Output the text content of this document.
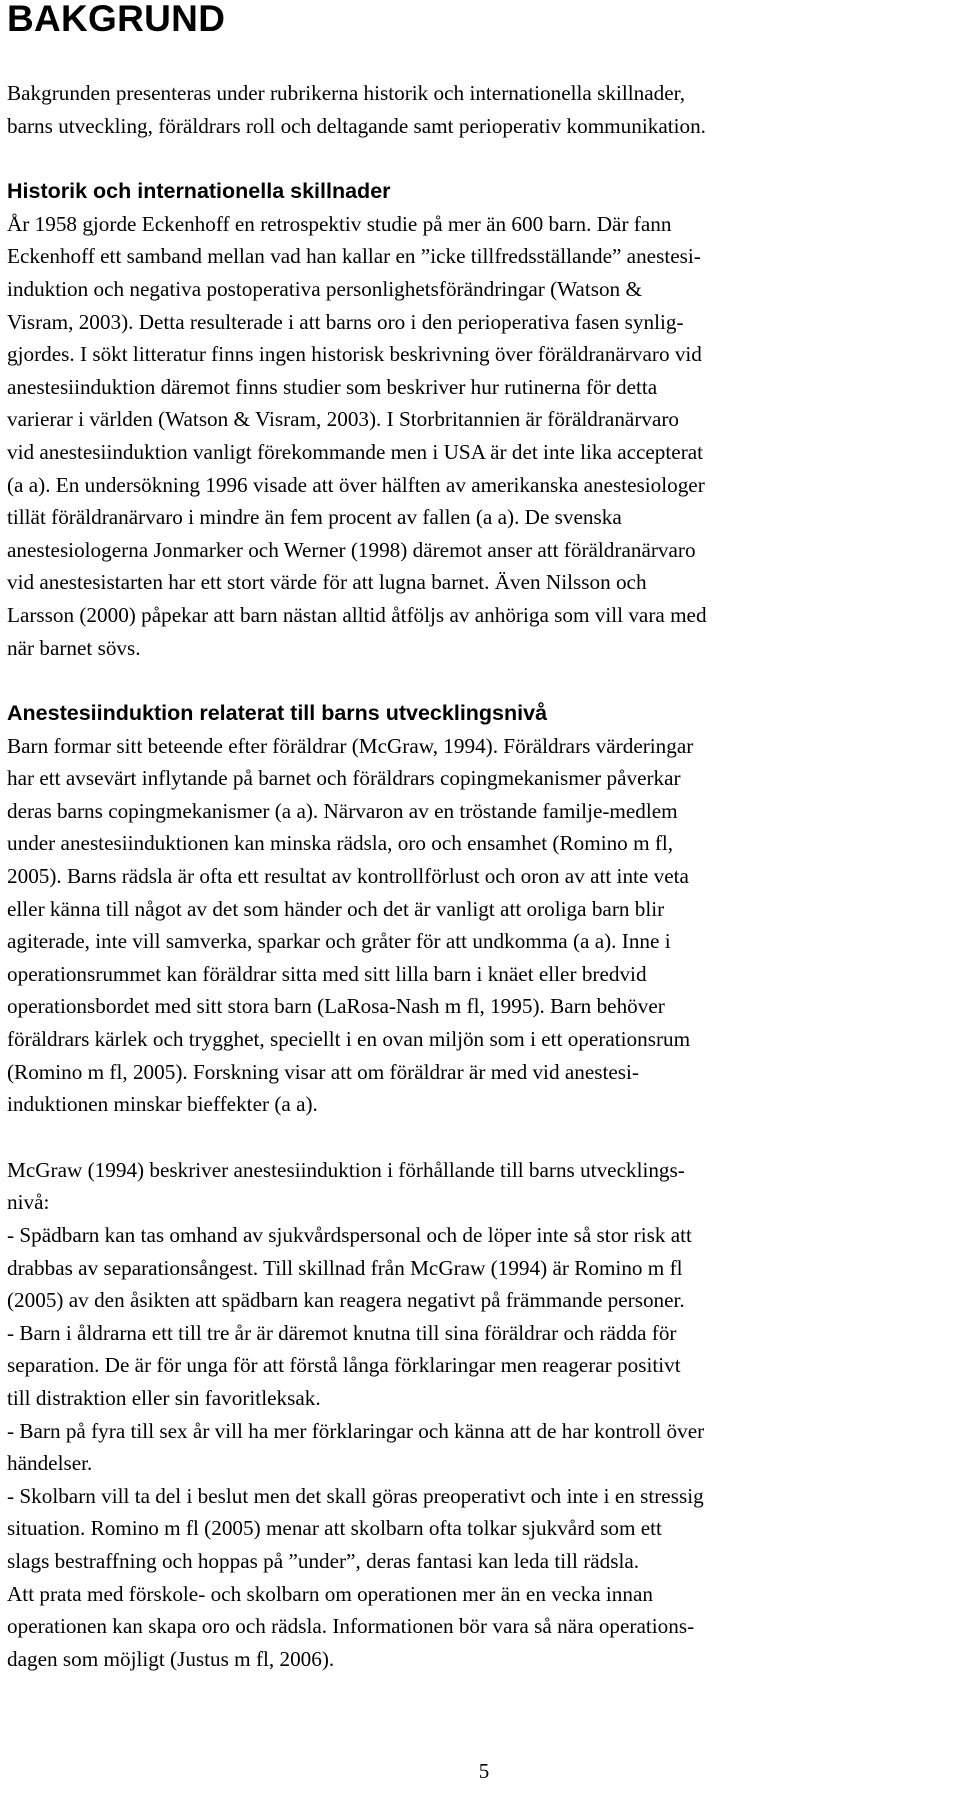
BAKGRUND

Bakgrunden presenteras under rubrikerna historik och internationella skillnader,
barns utveckling, föräldrars roll och deltagande samt perioperativ kommunikation.

Historik och internationella skillnader

År 1958 gjorde Eckenhoff en retrospektiv studie på mer än 600 barn. Där fann
Eckenhoff ett samband mellan vad han kallar en ”icke tillfredsställande” anestesi-
induktion och negativa postoperativa personlighetsförändringar (Watson &
Visram, 2003). Detta resulterade i att barns oro i den perioperativa fasen synlig-
gjordes. I sökt litteratur finns ingen historisk beskrivning över föräldranärvaro vid
anestesiinduktion däremot finns studier som beskriver hur rutinerna för detta
varierar i världen (Watson & Visram, 2003). I Storbritannien är föräldranärvaro
vid anestesiinduktion vanligt förekommande men i USA är det inte lika accepterat
(a a). En undersökning 1996 visade att över hälften av amerikanska anestesiologer
tillät föräldranärvaro i mindre än fem procent av fallen (a a). De svenska
anestesiologerna Jonmarker och Werner (1998) däremot anser att föräldranärvaro
vid anestesistarten har ett stort värde för att lugna barnet. Även Nilsson och
Larsson (2000) påpekar att barn nästan alltid åtföljs av anhöriga som vill vara med
när barnet sövs.

Anestesiinduktion relaterat till barns utvecklingsnivå

Barn formar sitt beteende efter föräldrar (McGraw, 1994). Föräldrars värderingar
har ett avsevärt inflytande på barnet och föräldrars copingmekanismer påverkar
deras barns copingmekanismer (a a). Närvaron av en tröstande familje-medlem
under anestesiinduktionen kan minska rädsla, oro och ensamhet (Romino m fl,
2005). Barns rädsla är ofta ett resultat av kontrollförlust och oron av att inte veta
eller känna till något av det som händer och det är vanligt att oroliga barn blir
agiterade, inte vill samverka, sparkar och gråter för att undkomma (a a). Inne i
operationsrummet kan föräldrar sitta med sitt lilla barn i knäet eller bredvid
operationsbordet med sitt stora barn (LaRosa-Nash m fl, 1995). Barn behöver
föräldrars kärlek och trygghet, speciellt i en ovan miljön som i ett operationsrum
(Romino m fl, 2005). Forskning visar att om föräldrar är med vid anestesi-
induktionen minskar bieffekter (a a).

McGraw (1994) beskriver anestesiinduktion i förhållande till barns utvecklings-
nivå:
- Spädbarn kan tas omhand av sjukvårdspersonal och de löper inte så stor risk att
drabbas av separationsångest. Till skillnad från McGraw (1994) är Romino m fl
(2005) av den åsikten att spädbarn kan reagera negativt på främmande personer.
- Barn i åldrarna ett till tre år är däremot knutna till sina föräldrar och rädda för
separation. De är för unga för att förstå långa förklaringar men reagerar positivt
till distraktion eller sin favoritleksak.
- Barn på fyra till sex år vill ha mer förklaringar och känna att de har kontroll över
händelser.
- Skolbarn vill ta del i beslut men det skall göras preoperativt och inte i en stressig
situation. Romino m fl (2005) menar att skolbarn ofta tolkar sjukvård som ett
slags bestraffning och hoppas på ”under”, deras fantasi kan leda till rädsla.
Att prata med förskole- och skolbarn om operationen mer än en vecka innan
operationen kan skapa oro och rädsla. Informationen bör vara så nära operations-
dagen som möjligt (Justus m fl, 2006).

5
